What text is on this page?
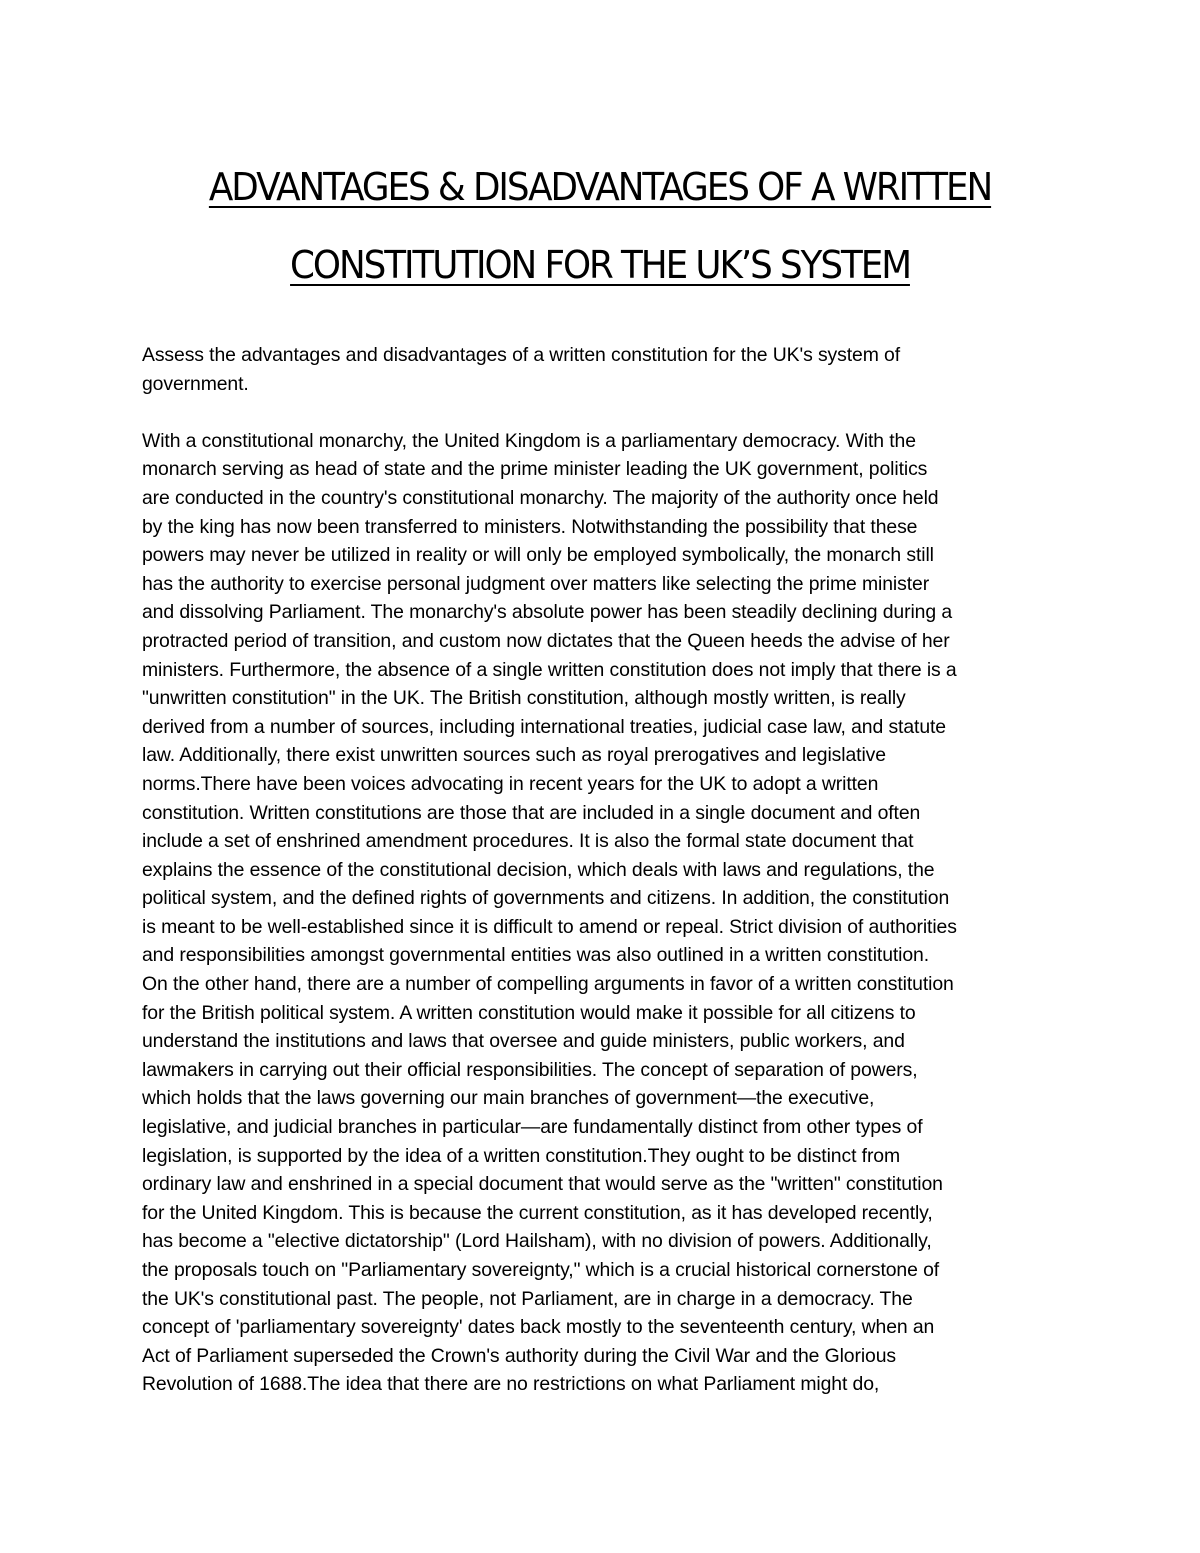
ADVANTAGES & DISADVANTAGES OF A WRITTEN
CONSTITUTION FOR THE UK’S SYSTEM

Assess the advantages and disadvantages of a written constitution for the UK's system of

government.

With a constitutional monarchy, the United Kingdom is a parliamentary democracy. With the

monarch serving as head of state and the prime minister leading the UK government, politics

are conducted in the country's constitutional monarchy. The majority of the authority once held

by the king has now been transferred to ministers. Notwithstanding the possibility that these

powers may never be utilized in reality or will only be employed symbolically, the monarch still

has the authority to exercise personal judgment over matters like selecting the prime minister

and dissolving Parliament. The monarchy's absolute power has been steadily declining during a

protracted period of transition, and custom now dictates that the Queen heeds the advise of her

ministers. Furthermore, the absence of a single written constitution does not imply that there is a

"unwritten constitution" in the UK. The British constitution, although mostly written, is really

derived from a number of sources, including international treaties, judicial case law, and statute

law. Additionally, there exist unwritten sources such as royal prerogatives and legislative

norms.There have been voices advocating in recent years for the UK to adopt a written

constitution. Written constitutions are those that are included in a single document and often

include a set of enshrined amendment procedures. It is also the formal state document that

explains the essence of the constitutional decision, which deals with laws and regulations, the

political system, and the defined rights of governments and citizens. In addition, the constitution

is meant to be well-established since it is difficult to amend or repeal. Strict division of authorities

and responsibilities amongst governmental entities was also outlined in a written constitution.

On the other hand, there are a number of compelling arguments in favor of a written constitution

for the British political system. A written constitution would make it possible for all citizens to

understand the institutions and laws that oversee and guide ministers, public workers, and

lawmakers in carrying out their official responsibilities. The concept of separation of powers,

which holds that the laws governing our main branches of government—the executive,

legislative, and judicial branches in particular—are fundamentally distinct from other types of

legislation, is supported by the idea of a written constitution.They ought to be distinct from

ordinary law and enshrined in a special document that would serve as the "written" constitution

for the United Kingdom. This is because the current constitution, as it has developed recently,

has become a "elective dictatorship" (Lord Hailsham), with no division of powers. Additionally,

the proposals touch on "Parliamentary sovereignty," which is a crucial historical cornerstone of

the UK's constitutional past. The people, not Parliament, are in charge in a democracy. The

concept of 'parliamentary sovereignty' dates back mostly to the seventeenth century, when an

Act of Parliament superseded the Crown's authority during the Civil War and the Glorious

Revolution of 1688.The idea that there are no restrictions on what Parliament might do,
